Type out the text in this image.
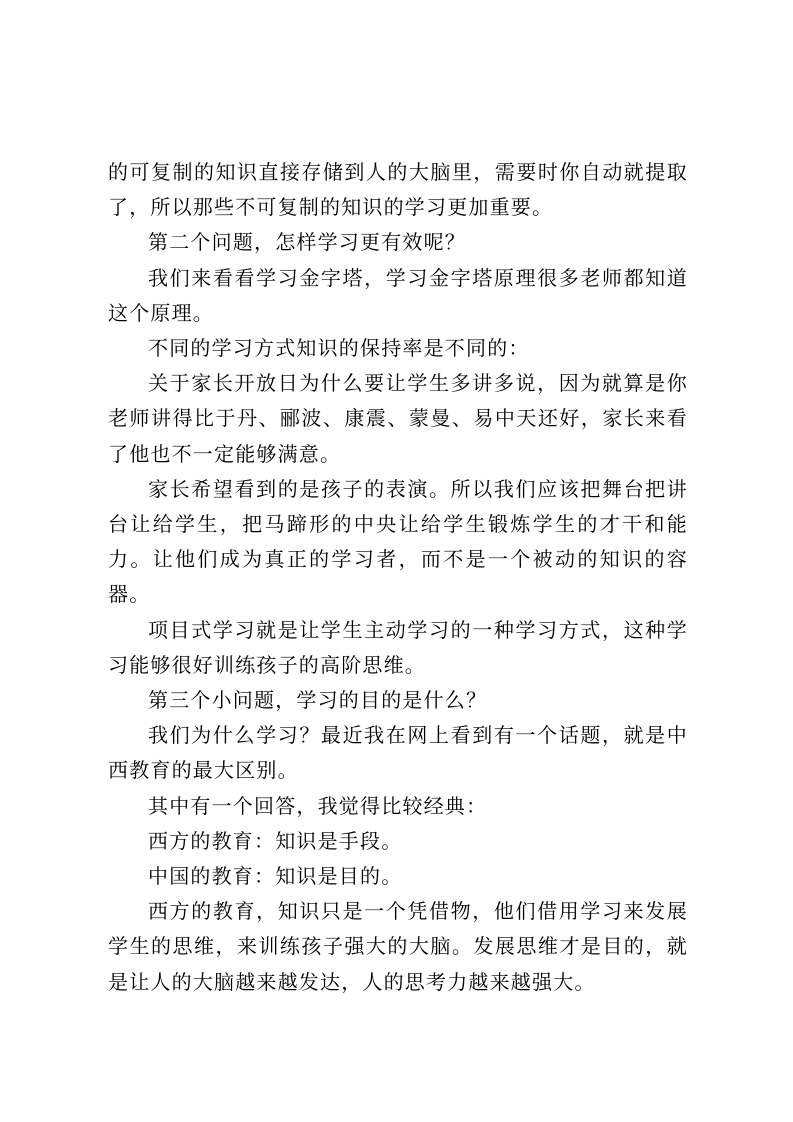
的可复制的知识直接存储到人的大脑里，需要时你自动就提取了，所以那些不可复制的知识的学习更加重要。

第二个问题，怎样学习更有效呢？

我们来看看学习金字塔，学习金字塔原理很多老师都知道这个原理。

不同的学习方式知识的保持率是不同的：

关于家长开放日为什么要让学生多讲多说，因为就算是你老师讲得比于丹、郦波、康震、蒙曼、易中天还好，家长来看了他也不一定能够满意。

家长希望看到的是孩子的表演。所以我们应该把舞台把讲台让给学生，把马蹄形的中央让给学生锻炼学生的才干和能力。让他们成为真正的学习者，而不是一个被动的知识的容器。

项目式学习就是让学生主动学习的一种学习方式，这种学习能够很好训练孩子的高阶思维。

第三个小问题，学习的目的是什么？

我们为什么学习？最近我在网上看到有一个话题，就是中西教育的最大区别。

其中有一个回答，我觉得比较经典：

西方的教育：知识是手段。

中国的教育：知识是目的。

西方的教育，知识只是一个凭借物，他们借用学习来发展学生的思维，来训练孩子强大的大脑。发展思维才是目的，就是让人的大脑越来越发达，人的思考力越来越强大。
